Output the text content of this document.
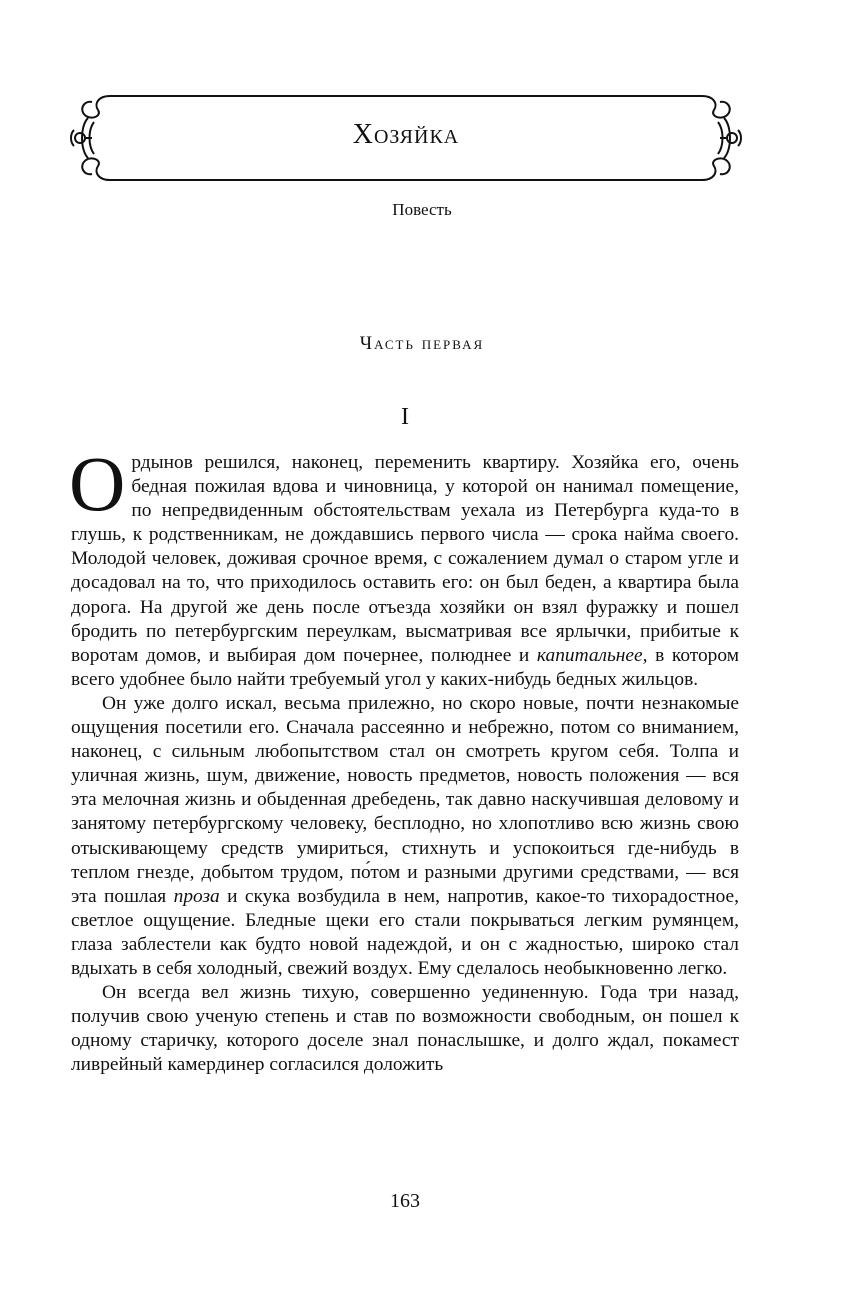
Хозяйка
Повесть
Часть первая
I

Ордынов решился, наконец, переменить квартиру. Хозяйка его, очень бедная пожилая вдова и чиновница, у которой он нанимал помещение, по непредвиденным обстоятельствам уехала из Петербурга куда-то в глушь, к родственникам, не дождавшись первого числа — срока найма своего. Молодой человек, доживая срочное время, с сожалением думал о старом угле и досадовал на то, что приходилось оставить его: он был беден, а квартира была дорога. На другой же день после отъезда хозяйки он взял фуражку и пошел бродить по петербургским переулкам, высматривая все ярлычки, прибитые к воротам домов, и выбирая дом почернее, полюднее и капитальнее, в котором всего удобнее было найти требуемый угол у каких-нибудь бедных жильцов.

Он уже долго искал, весьма прилежно, но скоро новые, почти незнакомые ощущения посетили его. Сначала рассеянно и небрежно, потом со вниманием, наконец, с сильным любопытством стал он смотреть кругом себя. Толпа и уличная жизнь, шум, движение, новость предметов, новость положения — вся эта мелочная жизнь и обыденная дребедень, так давно наскучившая деловому и занятому петербургскому человеку, бесплодно, но хлопотливо всю жизнь свою отыскивающему средств умириться, стихнуть и успокоиться где-нибудь в теплом гнезде, добытом трудом, по́том и разными другими средствами, — вся эта пошлая проза и скука возбудила в нем, напротив, какое-то тихорадостное, светлое ощущение. Бледные щеки его стали покрываться легким румянцем, глаза заблестели как будто новой надеждой, и он с жадностью, широко стал вдыхать в себя холодный, свежий воздух. Ему сделалось необыкновенно легко.

Он всегда вел жизнь тихую, совершенно уединенную. Года три назад, получив свою ученую степень и став по возможности свободным, он пошел к одному старичку, которого доселе знал понаслышке, и долго ждал, покамест ливрейный камердинер согласился доложить

163
